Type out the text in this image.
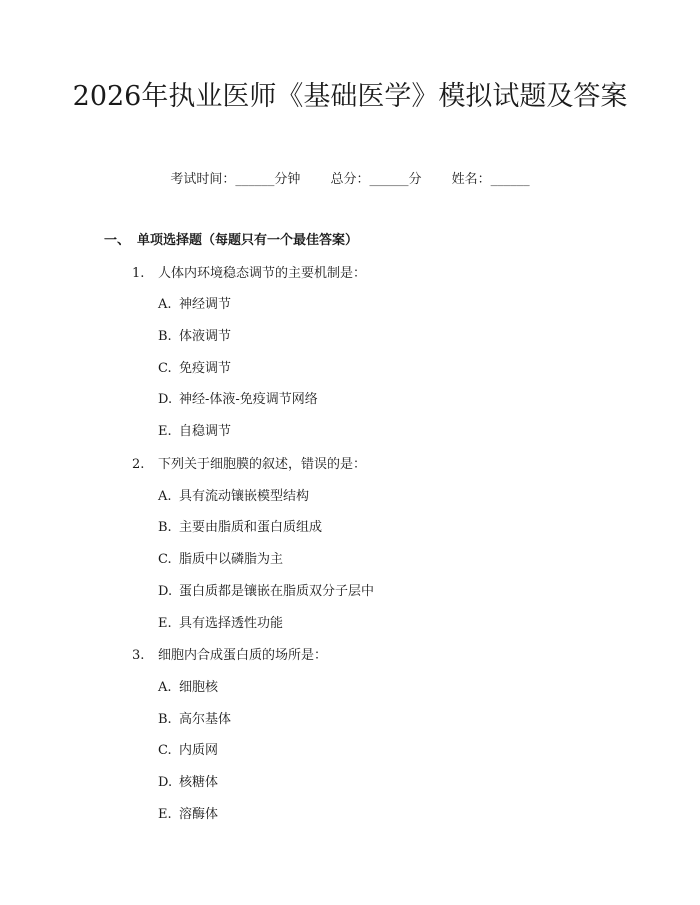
2026年执业医师《基础医学》模拟试题及答案
考试时间：______分钟 总分：______分 姓名：______
一、 单项选择题（每题只有一个最佳答案）
1. 人体内环境稳态调节的主要机制是：
A. 神经调节
B. 体液调节
C. 免疫调节
D. 神经-体液-免疫调节网络
E. 自稳调节
2. 下列关于细胞膜的叙述，错误的是：
A. 具有流动镶嵌模型结构
B. 主要由脂质和蛋白质组成
C. 脂质中以磷脂为主
D. 蛋白质都是镶嵌在脂质双分子层中
E. 具有选择透性功能
3. 细胞内合成蛋白质的场所是：
A. 细胞核
B. 高尔基体
C. 内质网
D. 核糖体
E. 溶酶体
